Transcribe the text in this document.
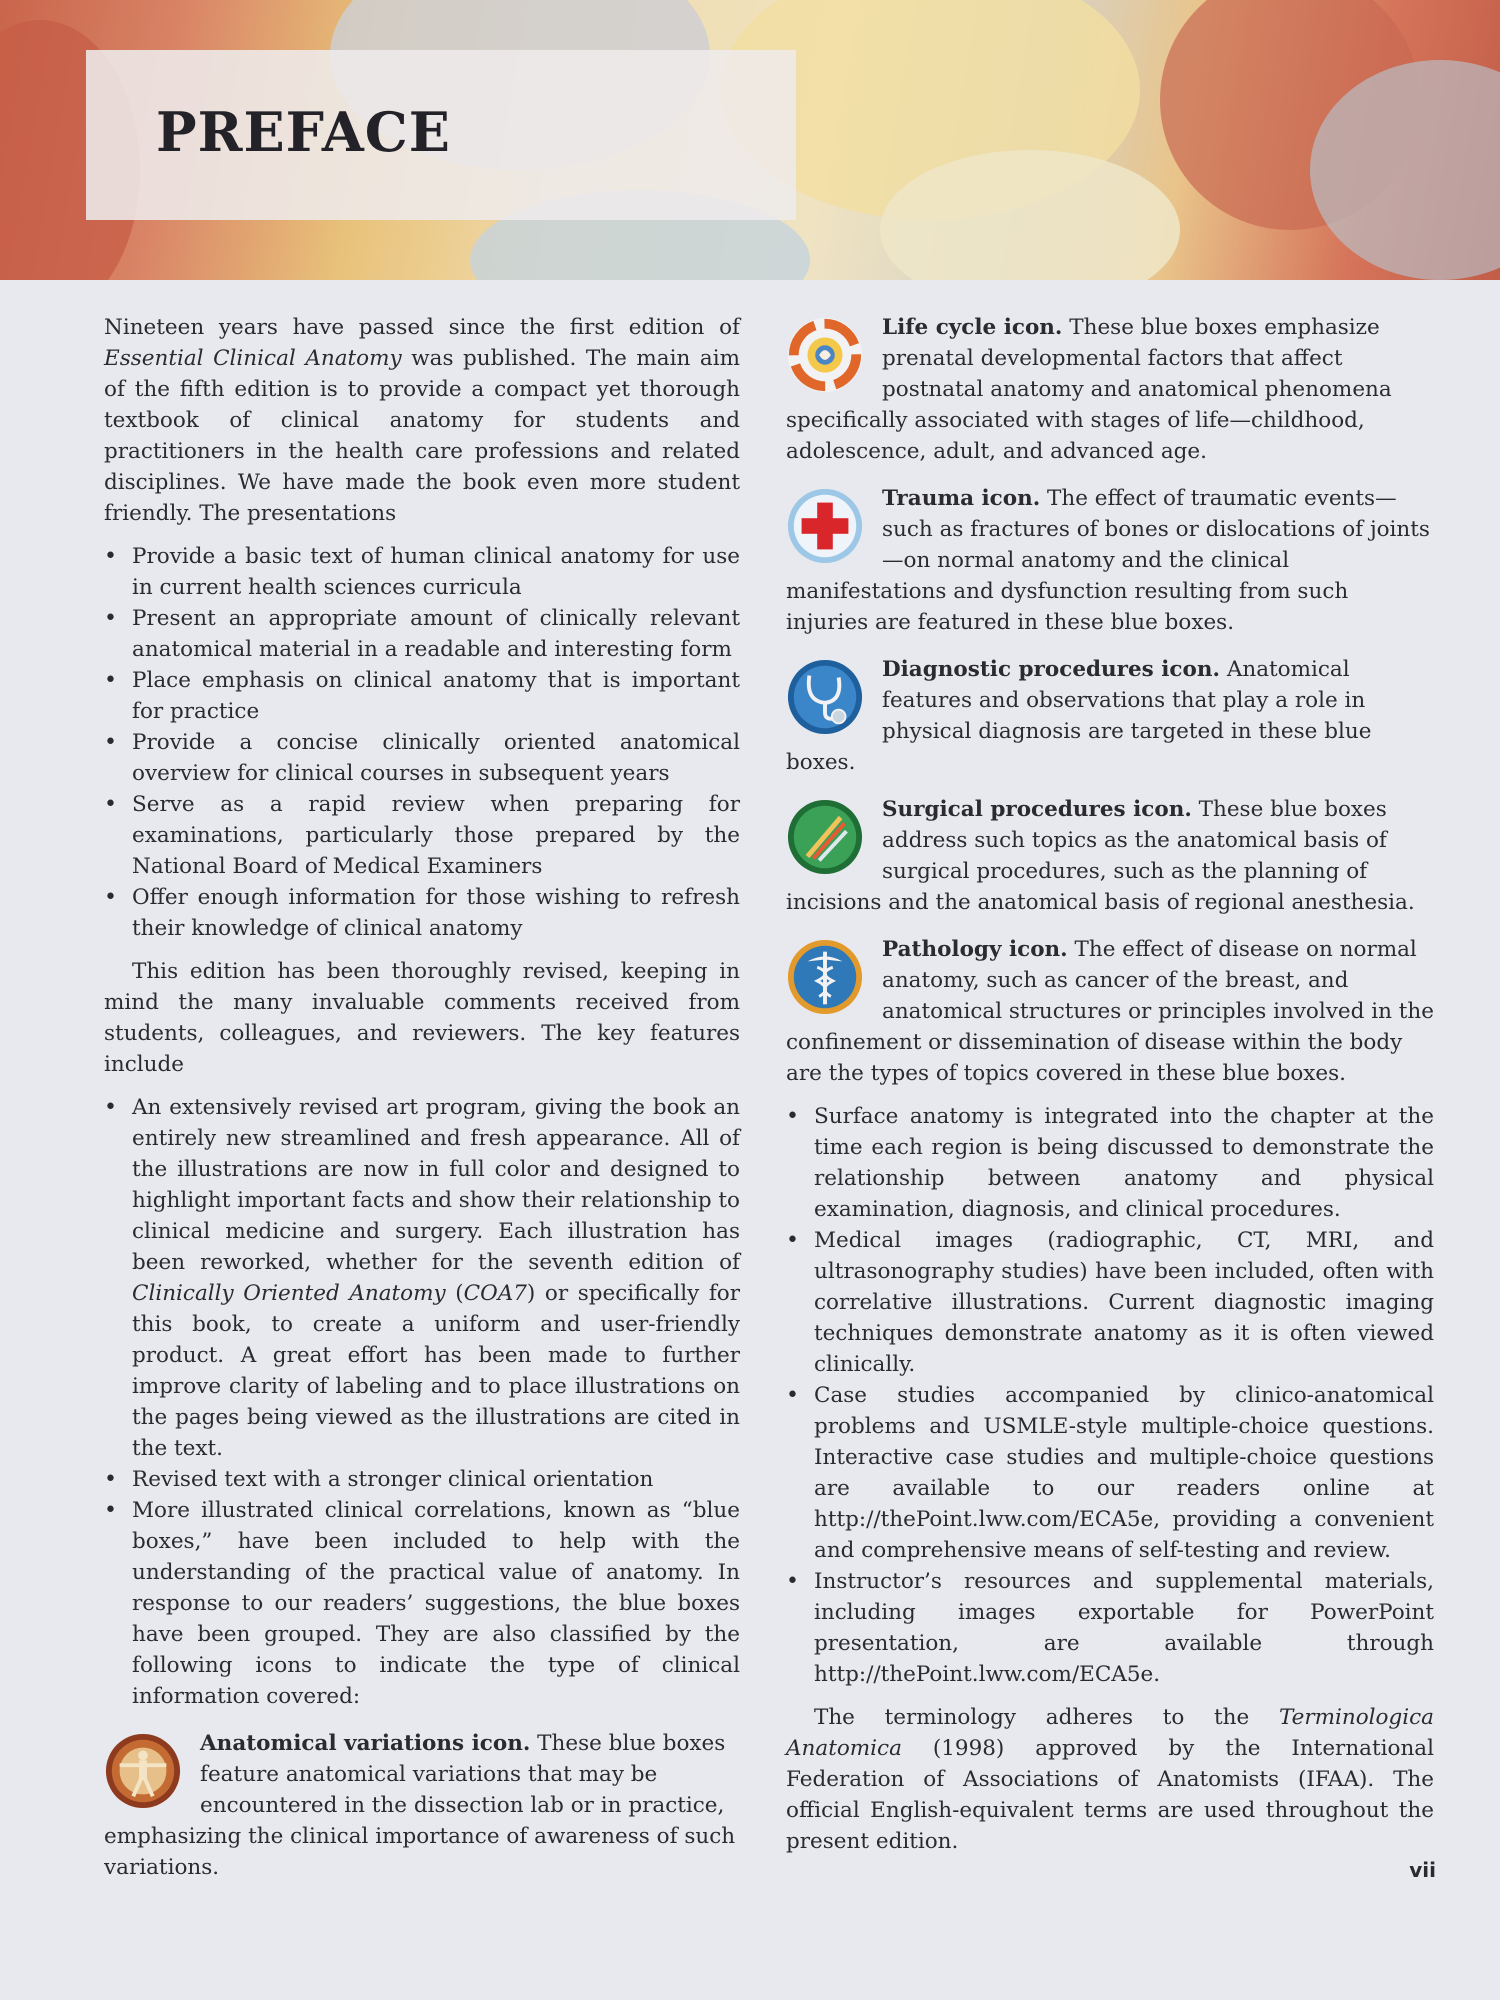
PREFACE

Nineteen years have passed since the first edition of Essential Clinical Anatomy was published. The main aim of the fifth edition is to provide a compact yet thorough textbook of clinical anatomy for students and practitioners in the health care professions and related disciplines. We have made the book even more student friendly. The presentations

• Provide a basic text of human clinical anatomy for use in current health sciences curricula
• Present an appropriate amount of clinically relevant anatomical material in a readable and interesting form
• Place emphasis on clinical anatomy that is important for practice
• Provide a concise clinically oriented anatomical overview for clinical courses in subsequent years
• Serve as a rapid review when preparing for examinations, particularly those prepared by the National Board of Medical Examiners
• Offer enough information for those wishing to refresh their knowledge of clinical anatomy

This edition has been thoroughly revised, keeping in mind the many invaluable comments received from students, colleagues, and reviewers. The key features include

• An extensively revised art program, giving the book an entirely new streamlined and fresh appearance. All of the illustrations are now in full color and designed to highlight important facts and show their relationship to clinical medicine and surgery. Each illustration has been reworked, whether for the seventh edition of Clinically Oriented Anatomy (COA7) or specifically for this book, to create a uniform and user-friendly product. A great effort has been made to further improve clarity of labeling and to place illustrations on the pages being viewed as the illustrations are cited in the text.
• Revised text with a stronger clinical orientation
• More illustrated clinical correlations, known as “blue boxes,” have been included to help with the understanding of the practical value of anatomy. In response to our readers’ suggestions, the blue boxes have been grouped. They are also classified by the following icons to indicate the type of clinical information covered:
Anatomical variations icon. These blue boxes feature anatomical variations that may be encountered in the dissection lab or in practice, emphasizing the clinical importance of awareness of such variations.
Life cycle icon. These blue boxes emphasize prenatal developmental factors that affect postnatal anatomy and anatomical phenomena specifically associated with stages of life—childhood, adolescence, adult, and advanced age.
Trauma icon. The effect of traumatic events—such as fractures of bones or dislocations of joints—on normal anatomy and the clinical manifestations and dysfunction resulting from such injuries are featured in these blue boxes.
Diagnostic procedures icon. Anatomical features and observations that play a role in physical diagnosis are targeted in these blue boxes.
Surgical procedures icon. These blue boxes address such topics as the anatomical basis of surgical procedures, such as the planning of incisions and the anatomical basis of regional anesthesia.
Pathology icon. The effect of disease on normal anatomy, such as cancer of the breast, and anatomical structures or principles involved in the confinement or dissemination of disease within the body are the types of topics covered in these blue boxes.
• Surface anatomy is integrated into the chapter at the time each region is being discussed to demonstrate the relationship between anatomy and physical examination, diagnosis, and clinical procedures.
• Medical images (radiographic, CT, MRI, and ultrasonography studies) have been included, often with correlative illustrations. Current diagnostic imaging techniques demonstrate anatomy as it is often viewed clinically.
• Case studies accompanied by clinico-anatomical problems and USMLE-style multiple-choice questions. Interactive case studies and multiple-choice questions are available to our readers online at http://thePoint.lww.com/ECA5e, providing a convenient and comprehensive means of self-testing and review.
• Instructor’s resources and supplemental materials, including images exportable for PowerPoint presentation, are available through http://thePoint.lww.com/ECA5e.

The terminology adheres to the Terminologica Anatomica (1998) approved by the International Federation of Associations of Anatomists (IFAA). The official English-equivalent terms are used throughout the present edition.

vii
